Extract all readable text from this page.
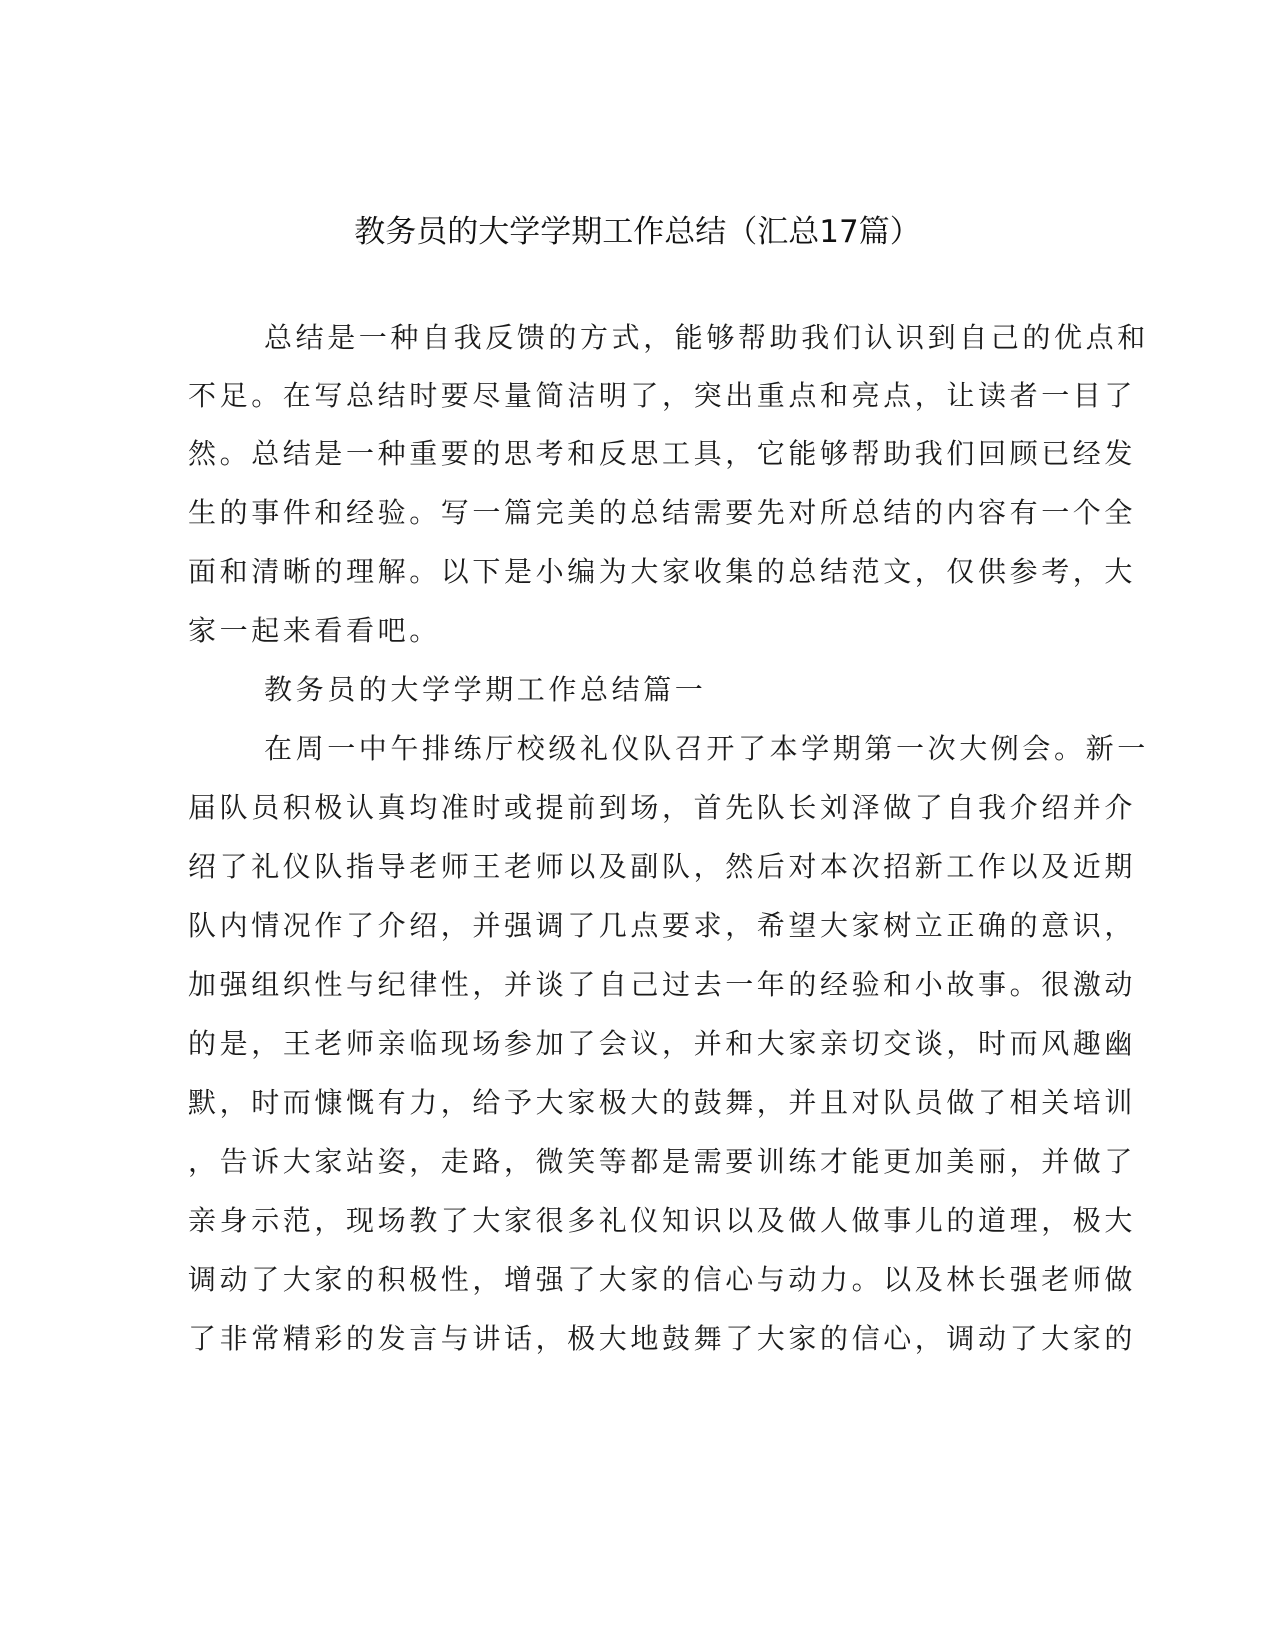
教务员的大学学期工作总结（汇总17篇）
总结是一种自我反馈的方式，能够帮助我们认识到自己的优点和
不足。在写总结时要尽量简洁明了，突出重点和亮点，让读者一目了
然。总结是一种重要的思考和反思工具，它能够帮助我们回顾已经发
生的事件和经验。写一篇完美的总结需要先对所总结的内容有一个全
面和清晰的理解。以下是小编为大家收集的总结范文，仅供参考，大
家一起来看看吧。
教务员的大学学期工作总结篇一
在周一中午排练厅校级礼仪队召开了本学期第一次大例会。新一
届队员积极认真均准时或提前到场，首先队长刘泽做了自我介绍并介
绍了礼仪队指导老师王老师以及副队，然后对本次招新工作以及近期
队内情况作了介绍，并强调了几点要求，希望大家树立正确的意识，
加强组织性与纪律性，并谈了自己过去一年的经验和小故事。很激动
的是，王老师亲临现场参加了会议，并和大家亲切交谈，时而风趣幽
默，时而慷慨有力，给予大家极大的鼓舞，并且对队员做了相关培训
，告诉大家站姿，走路，微笑等都是需要训练才能更加美丽，并做了
亲身示范，现场教了大家很多礼仪知识以及做人做事儿的道理，极大
调动了大家的积极性，增强了大家的信心与动力。以及林长强老师做
了非常精彩的发言与讲话，极大地鼓舞了大家的信心，调动了大家的
